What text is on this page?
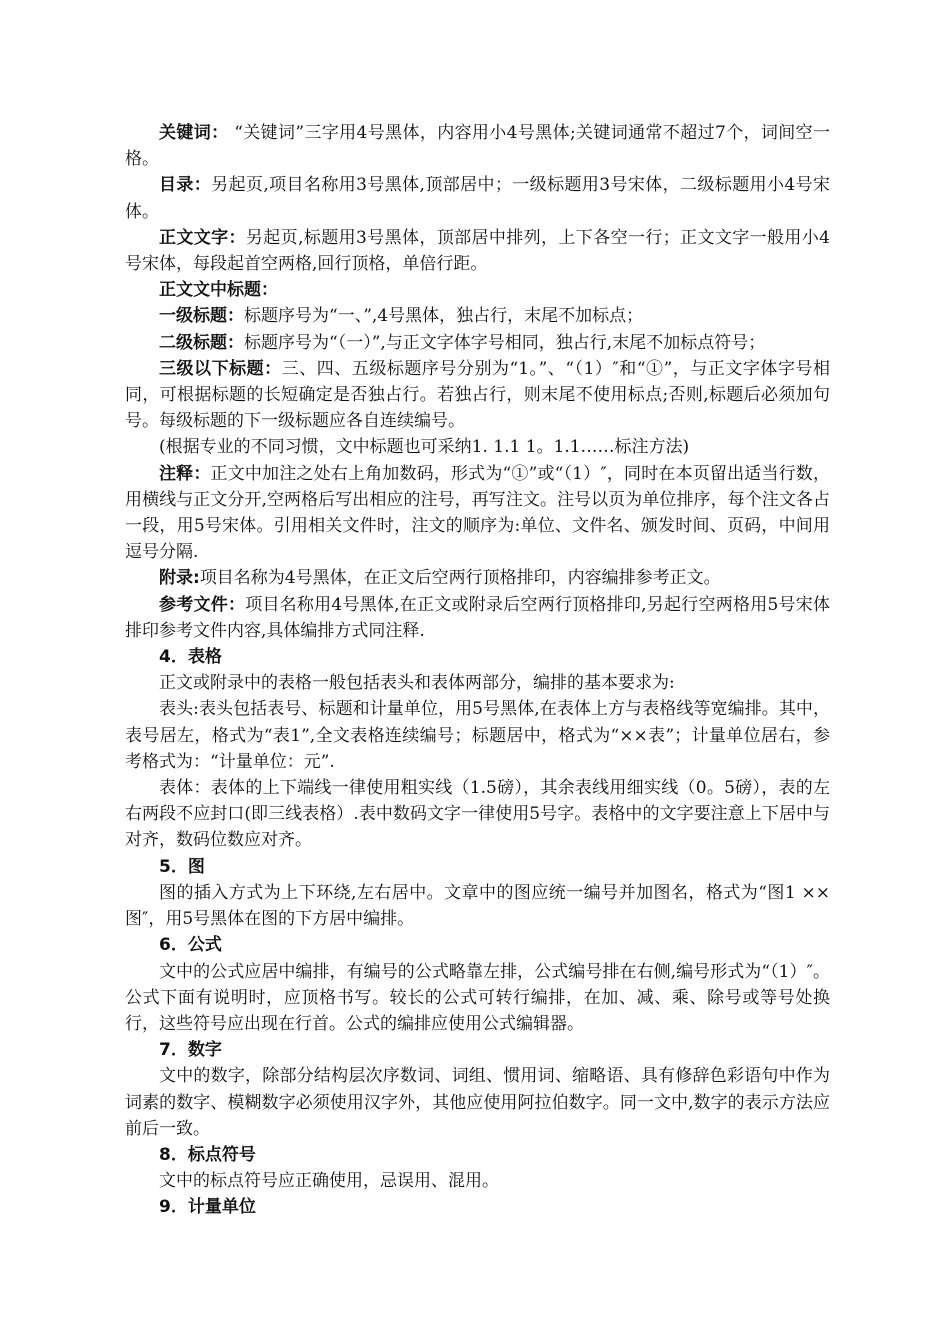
关键词： “关键词”三字用4号黑体，内容用小4号黑体;关键词通常不超过7个，词间空一格。

目录：另起页,项目名称用3号黑体,顶部居中；一级标题用3号宋体，二级标题用小4号宋体。

正文文字：另起页,标题用3号黑体，顶部居中排列，上下各空一行；正文文字一般用小4号宋体，每段起首空两格,回行顶格，单倍行距。

正文文中标题：

一级标题：标题序号为“一、”,4号黑体，独占行，末尾不加标点；

二级标题：标题序号为“（一）”,与正文字体字号相同，独占行,末尾不加标点符号；

三级以下标题：三、四、五级标题序号分别为“1。”、“（1）″和“①”，与正文字体字号相同，可根据标题的长短确定是否独占行。若独占行，则末尾不使用标点;否则,标题后必须加句号。每级标题的下一级标题应各自连续编号。

(根据专业的不同习惯，文中标题也可采纳1. 1.1 1。1.1……标注方法)

注释：正文中加注之处右上角加数码，形式为“①”或“（1）″，同时在本页留出适当行数，用横线与正文分开,空两格后写出相应的注号，再写注文。注号以页为单位排序，每个注文各占一段，用5号宋体。引用相关文件时，注文的顺序为:单位、文件名、颁发时间、页码，中间用逗号分隔.

附录:项目名称为4号黑体，在正文后空两行顶格排印，内容编排参考正文。

参考文件：项目名称用4号黑体,在正文或附录后空两行顶格排印,另起行空两格用5号宋体排印参考文件内容,具体编排方式同注释.

4．表格

正文或附录中的表格一般包括表头和表体两部分，编排的基本要求为:

表头:表头包括表号、标题和计量单位，用5号黑体,在表体上方与表格线等宽编排。其中，表号居左，格式为“表1”,全文表格连续编号；标题居中，格式为“××表”；计量单位居右，参考格式为：“计量单位：元”.

表体：表体的上下端线一律使用粗实线（1.5磅），其余表线用细实线（0。5磅），表的左右两段不应封口(即三线表格）.表中数码文字一律使用5号字。表格中的文字要注意上下居中与对齐，数码位数应对齐。

5．图

图的插入方式为上下环绕,左右居中。文章中的图应统一编号并加图名，格式为“图1 ××图″，用5号黑体在图的下方居中编排。

6．公式

文中的公式应居中编排，有编号的公式略靠左排，公式编号排在右侧,编号形式为“（1）″。公式下面有说明时，应顶格书写。较长的公式可转行编排，在加、减、乘、除号或等号处换行，这些符号应出现在行首。公式的编排应使用公式编辑器。

7．数字

文中的数字，除部分结构层次序数词、词组、惯用词、缩略语、具有修辞色彩语句中作为词素的数字、模糊数字必须使用汉字外，其他应使用阿拉伯数字。同一文中,数字的表示方法应前后一致。

8．标点符号

文中的标点符号应正确使用，忌误用、混用。

9．计量单位
